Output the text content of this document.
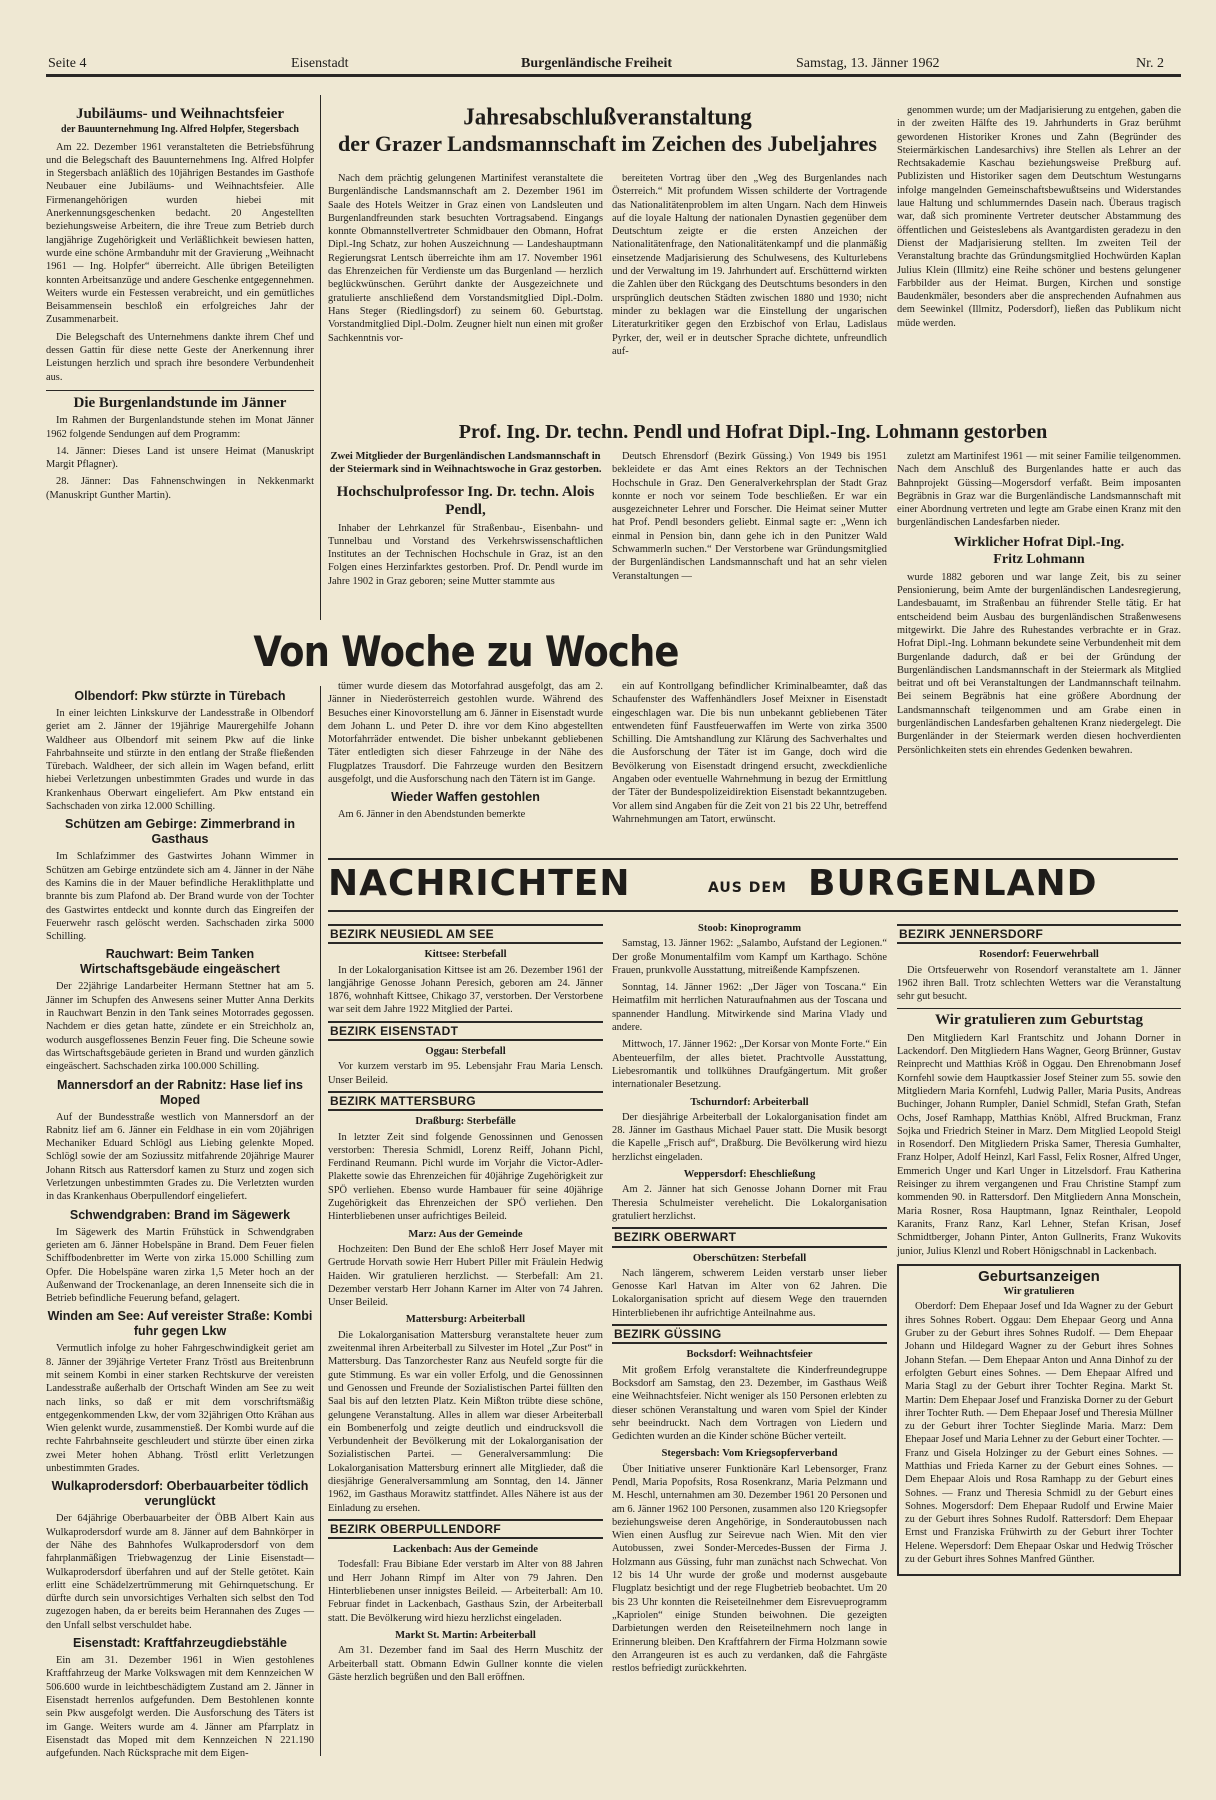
Seite 4	Eisenstadt	Burgenländische Freiheit	Samstag, 13. Jänner 1962	Nr. 2
Jubiläums- und Weihnachtsfeier
der Bauunternehmung Ing. Alfred Holpfer, Stegersbach

Am 22. Dezember 1961 veranstalteten die Betriebsführung und die Belegschaft des Bauunternehmens Ing. Alfred Holpfer in Stegersbach anläßlich des 10jährigen Bestandes im Gasthofe Neubauer eine Jubiläums- und Weihnachtsfeier. Alle Firmenangehörigen wurden hiebei mit Anerkennungsgeschenken bedacht. 20 Angestellten beziehungsweise Arbeitern, die ihre Treue zum Betrieb durch langjährige Zugehörigkeit und Verläßlichkeit bewiesen hatten, wurde eine schöne Armbanduhr mit der Gravierung „Weihnacht 1961 — Ing. Holpfer“ überreicht. Alle übrigen Beteiligten konnten Arbeitsanzüge und andere Geschenke entgegennehmen. Weiters wurde ein Festessen verabreicht, und ein gemütliches Beisammensein beschloß ein erfolgreiches Jahr der Zusammenarbeit.

Die Belegschaft des Unternehmens dankte ihrem Chef und dessen Gattin für diese nette Geste der Anerkennung ihrer Leistungen herzlich und sprach ihre besondere Verbundenheit aus.

Die Burgenlandstunde im Jänner

Im Rahmen der Burgenlandstunde stehen im Monat Jänner 1962 folgende Sendungen auf dem Programm:

14. Jänner: Dieses Land ist unsere Heimat (Manuskript Margit Pflagner).

28. Jänner: Das Fahnenschwingen in Nekkenmarkt (Manuskript Gunther Martin).

Jahresabschlußveranstaltung
der Grazer Landsmannschaft im Zeichen des Jubeljahres

Nach dem prächtig gelungenen Martinifest veranstaltete die Burgenländische Landsmannschaft am 2. Dezember 1961 im Saale des Hotels Weitzer in Graz einen von Landsleuten und Burgenlandfreunden stark besuchten Vortragsabend. Eingangs konnte Obmannstellvertreter Schmidbauer den Obmann, Hofrat Dipl.-Ing Schatz, zur hohen Auszeichnung — Landeshauptmann Regierungsrat Lentsch überreichte ihm am 17. November 1961 das Ehrenzeichen für Verdienste um das Burgenland — herzlich beglückwünschen. Gerührt dankte der Ausgezeichnete und gratulierte anschließend dem Vorstandsmitglied Dipl.-Dolm. Hans Steger (Riedlingsdorf) zu seinem 60. Geburtstag. Vorstandmitglied Dipl.-Dolm. Zeugner hielt nun einen mit großer Sachkenntnis vor-

bereiteten Vortrag über den „Weg des Burgenlandes nach Österreich.“ Mit profundem Wissen schilderte der Vortragende das Nationalitätenproblem im alten Ungarn. Nach dem Hinweis auf die loyale Haltung der nationalen Dynastien gegenüber dem Deutschtum zeigte er die ersten Anzeichen der Nationalitätenfrage, den Nationalitätenkampf und die planmäßig einsetzende Madjarisierung des Schulwesens, des Kulturlebens und der Verwaltung im 19. Jahrhundert auf. Erschütternd wirkten die Zahlen über den Rückgang des Deutschtums besonders in den ursprünglich deutschen Städten zwischen 1880 und 1930; nicht minder zu beklagen war die Einstellung der ungarischen Literaturkritiker gegen den Erzbischof von Erlau, Ladislaus Pyrker, der, weil er in deutscher Sprache dichtete, unfreundlich auf-

genommen wurde; um der Madjarisierung zu entgehen, gaben die in der zweiten Hälfte des 19. Jahrhunderts in Graz berühmt gewordenen Historiker Krones und Zahn (Begründer des Steiermärkischen Landesarchivs) ihre Stellen als Lehrer an der Rechtsakademie Kaschau beziehungsweise Preßburg auf. Publizisten und Historiker sagen dem Deutschtum Westungarns infolge mangelnden Gemeinschaftsbewußtseins und Widerstandes laue Haltung und schlummerndes Dasein nach. Überaus tragisch war, daß sich prominente Vertreter deutscher Abstammung des öffentlichen und Geisteslebens als Avantgardisten geradezu in den Dienst der Madjarisierung stellten. Im zweiten Teil der Veranstaltung brachte das Gründungsmitglied Hochwürden Kaplan Julius Klein (Illmitz) eine Reihe schöner und bestens gelungener Farbbilder aus der Heimat. Burgen, Kirchen und sonstige Baudenkmäler, besonders aber die ansprechenden Aufnahmen aus dem Seewinkel (Illmitz, Podersdorf), ließen das Publikum nicht müde werden.

Prof. Ing. Dr. techn. Pendl und Hofrat Dipl.-Ing. Lohmann gestorben
Zwei Mitglieder der Burgenländischen Landsmannschaft in der Steiermark sind in Weihnachtswoche in Graz gestorben.
Hochschulprofessor Ing. Dr. techn. Alois Pendl,

Inhaber der Lehrkanzel für Straßenbau-, Eisenbahn- und Tunnelbau und Vorstand des Verkehrswissenschaftlichen Institutes an der Technischen Hochschule in Graz, ist an den Folgen eines Herzinfarktes gestorben. Prof. Dr. Pendl wurde im Jahre 1902 in Graz geboren; seine Mutter stammte aus

Deutsch Ehrensdorf (Bezirk Güssing.) Von 1949 bis 1951 bekleidete er das Amt eines Rektors an der Technischen Hochschule in Graz. Den Generalverkehrsplan der Stadt Graz konnte er noch vor seinem Tode beschließen. Er war ein ausgezeichneter Lehrer und Forscher. Die Heimat seiner Mutter hat Prof. Pendl besonders geliebt. Einmal sagte er: „Wenn ich einmal in Pension bin, dann gehe ich in den Punitzer Wald Schwammerln suchen.“ Der Verstorbene war Gründungsmitglied der Burgenländischen Landsmannschaft und hat an sehr vielen Veranstaltungen —

zuletzt am Martinifest 1961 — mit seiner Familie teilgenommen. Nach dem Anschluß des Burgenlandes hatte er auch das Bahnprojekt Güssing—Mogersdorf verfaßt. Beim imposanten Begräbnis in Graz war die Burgenländische Landsmannschaft mit einer Abordnung vertreten und legte am Grabe einen Kranz mit den burgenländischen Landesfarben nieder.

Wirklicher Hofrat Dipl.-Ing.
Fritz Lohmann

wurde 1882 geboren und war lange Zeit, bis zu seiner Pensionierung, beim Amte der burgenländischen Landesregierung, Landesbauamt, im Straßenbau an führender Stelle tätig. Er hat entscheidend beim Ausbau des burgenländischen Straßenwesens mitgewirkt. Die Jahre des Ruhestandes verbrachte er in Graz. Hofrat Dipl.-Ing. Lohmann bekundete seine Verbundenheit mit dem Burgenlande dadurch, daß er bei der Gründung der Burgenländischen Landsmannschaft in der Steiermark als Mitglied beitrat und oft bei Veranstaltungen der Landmannschaft teilnahm. Bei seinem Begräbnis hat eine größere Abordnung der Landsmannschaft teilgenommen und am Grabe einen in burgenländischen Landesfarben gehaltenen Kranz niedergelegt. Die Burgenländer in der Steiermark werden diesen hochverdienten Persönlichkeiten stets ein ehrendes Gedenken bewahren.

Von Woche zu Woche
Olbendorf: Pkw stürzte in Türebach

In einer leichten Linkskurve der Landesstraße in Olbendorf geriet am 2. Jänner der 19jährige Maurergehilfe Johann Waldheer aus Olbendorf mit seinem Pkw auf die linke Fahrbahnseite und stürzte in den entlang der Straße fließenden Türebach. Waldheer, der sich allein im Wagen befand, erlitt hiebei Verletzungen unbestimmten Grades und wurde in das Krankenhaus Oberwart eingeliefert. Am Pkw entstand ein Sachschaden von zirka 12.000 Schilling.

Schützen am Gebirge: Zimmerbrand in Gasthaus

Im Schlafzimmer des Gastwirtes Johann Wimmer in Schützen am Gebirge entzündete sich am 4. Jänner in der Nähe des Kamins die in der Mauer befindliche Heraklithplatte und brannte bis zum Plafond ab. Der Brand wurde von der Tochter des Gastwirtes entdeckt und konnte durch das Eingreifen der Feuerwehr rasch gelöscht werden. Sachschaden zirka 5000 Schilling.

Rauchwart: Beim Tanken Wirtschaftsgebäude eingeäschert

Der 22jährige Landarbeiter Hermann Stettner hat am 5. Jänner im Schupfen des Anwesens seiner Mutter Anna Derkits in Rauchwart Benzin in den Tank seines Motorrades gegossen. Nachdem er dies getan hatte, zündete er ein Streichholz an, wodurch ausgeflossenes Benzin Feuer fing. Die Scheune sowie das Wirtschaftsgebäude gerieten in Brand und wurden gänzlich eingeäschert. Sachschaden zirka 100.000 Schilling.

Mannersdorf an der Rabnitz: Hase lief ins Moped

Auf der Bundesstraße westlich von Mannersdorf an der Rabnitz lief am 6. Jänner ein Feldhase in ein vom 20jährigen Mechaniker Eduard Schlögl aus Liebing gelenkte Moped. Schlögl sowie der am Soziussitz mitfahrende 20jährige Maurer Johann Ritsch aus Rattersdorf kamen zu Sturz und zogen sich Verletzungen unbestimmten Grades zu. Die Verletzten wurden in das Krankenhaus Oberpullendorf eingeliefert.

Schwendgraben: Brand im Sägewerk

Im Sägewerk des Martin Frühstück in Schwendgraben gerieten am 6. Jänner Hobelspäne in Brand. Dem Feuer fielen Schiffbodenbretter im Werte von zirka 15.000 Schilling zum Opfer. Die Hobelspäne waren zirka 1,5 Meter hoch an der Außenwand der Trockenanlage, an deren Innenseite sich die in Betrieb befindliche Feuerung befand, gelagert.

Winden am See: Auf vereister Straße: Kombi fuhr gegen Lkw

Vermutlich infolge zu hoher Fahrgeschwindigkeit geriet am 8. Jänner der 39jährige Verteter Franz Tröstl aus Breitenbrunn mit seinem Kombi in einer starken Rechtskurve der vereisten Landesstraße außerhalb der Ortschaft Winden am See zu weit nach links, so daß er mit dem vorschriftsmäßig entgegenkommenden Lkw, der vom 32jährigen Otto Krähan aus Wien gelenkt wurde, zusammenstieß. Der Kombi wurde auf die rechte Fahrbahnseite geschleudert und stürzte über einen zirka zwei Meter hohen Abhang. Tröstl erlitt Verletzungen unbestimmten Grades.

Wulkaprodersdorf: Oberbauarbeiter tödlich verunglückt

Der 64jährige Oberbauarbeiter der ÖBB Albert Kain aus Wulkaprodersdorf wurde am 8. Jänner auf dem Bahnkörper in der Nähe des Bahnhofes Wulkaprodersdorf von dem fahrplanmäßigen Triebwagenzug der Linie Eisenstadt—Wulkaprodersdorf überfahren und auf der Stelle getötet. Kain erlitt eine Schädelzertrümmerung mit Gehirnquetschung. Er dürfte durch sein unvorsichtiges Verhalten sich selbst den Tod zugezogen haben, da er bereits beim Herannahen des Zuges — den Unfall selbst verschuldet habe.

Eisenstadt: Kraftfahrzeugdiebstähle

Ein am 31. Dezember 1961 in Wien gestohlenes Kraftfahrzeug der Marke Volkswagen mit dem Kennzeichen W 506.600 wurde in leichtbeschädigtem Zustand am 2. Jänner in Eisenstadt herrenlos aufgefunden. Dem Bestohlenen konnte sein Pkw ausgefolgt werden. Die Ausforschung des Täters ist im Gange. Weiters wurde am 4. Jänner am Pfarrplatz in Eisenstadt das Moped mit dem Kennzeichen N 221.190 aufgefunden. Nach Rücksprache mit dem Eigen-

tümer wurde diesem das Motorfahrad ausgefolgt, das am 2. Jänner in Niederösterreich gestohlen wurde. Während des Besuches einer Kinovorstellung am 6. Jänner in Eisenstadt wurde dem Johann L. und Peter D. ihre vor dem Kino abgestellten Motorfahrräder entwendet. Die bisher unbekannt gebliebenen Täter entledigten sich dieser Fahrzeuge in der Nähe des Flugplatzes Trausdorf. Die Fahrzeuge wurden den Besitzern ausgefolgt, und die Ausforschung nach den Tätern ist im Gange.

Wieder Waffen gestohlen

Am 6. Jänner in den Abendstunden bemerkte

ein auf Kontrollgang befindlicher Kriminalbeamter, daß das Schaufenster des Waffenhändlers Josef Meixner in Eisenstadt eingeschlagen war. Die bis nun unbekannt gebliebenen Täter entwendeten fünf Faustfeuerwaffen im Werte von zirka 3500 Schilling. Die Amtshandlung zur Klärung des Sachverhaltes und die Ausforschung der Täter ist im Gange, doch wird die Bevölkerung von Eisenstadt dringend ersucht, zweckdienliche Angaben oder eventuelle Wahrnehmung in bezug der Ermittlung der Täter der Bundespolizeidirektion Eisenstadt bekanntzugeben. Vor allem sind Angaben für die Zeit von 21 bis 22 Uhr, betreffend Wahrnehmungen am Tatort, erwünscht.

NACHRICHTEN	AUS DEM BURGENLAND
BEZIRK NEUSIEDL AM SEE
Kittsee: Sterbefall

In der Lokalorganisation Kittsee ist am 26. Dezember 1961 der langjährige Genosse Johann Peresich, geboren am 24. Jänner 1876, wohnhaft Kittsee, Chikago 37, verstorben. Der Verstorbene war seit dem Jahre 1922 Mitglied der Partei.

BEZIRK EISENSTADT
Oggau: Sterbefall

Vor kurzem verstarb im 95. Lebensjahr Frau Maria Lensch. Unser Beileid.

BEZIRK MATTERSBURG
Draßburg: Sterbefälle

In letzter Zeit sind folgende Genossinnen und Genossen verstorben: Theresia Schmidl, Lorenz Reiff, Johann Pichl, Ferdinand Reumann. Pichl wurde im Vorjahr die Victor-Adler-Plakette sowie das Ehrenzeichen für 40jährige Zugehörigkeit zur SPÖ verliehen. Ebenso wurde Hambauer für seine 40jährige Zugehörigkeit das Ehrenzeichen der SPÖ verliehen. Den Hinterbliebenen unser aufrichtiges Beileid.

Marz: Aus der Gemeinde

Hochzeiten: Den Bund der Ehe schloß Herr Josef Mayer mit Gertrude Horvath sowie Herr Hubert Piller mit Fräulein Hedwig Haiden. Wir gratulieren herzlichst. — Sterbefall: Am 21. Dezember verstarb Herr Johann Karner im Alter von 74 Jahren. Unser Beileid.

Mattersburg: Arbeiterball

Die Lokalorganisation Mattersburg veranstaltete heuer zum zweitenmal ihren Arbeiterball zu Silvester im Hotel „Zur Post“ in Mattersburg. Das Tanzorchester Ranz aus Neufeld sorgte für die gute Stimmung. Es war ein voller Erfolg, und die Genossinnen und Genossen und Freunde der Sozialistischen Partei füllten den Saal bis auf den letzten Platz. Kein Mißton trübte diese schöne, gelungene Veranstaltung. Alles in allem war dieser Arbeiterball ein Bombenerfolg und zeigte deutlich und eindrucksvoll die Verbundenheit der Bevölkerung mit der Lokalorganisation der Sozialistischen Partei. — Generalversammlung: Die Lokalorganisation Mattersburg erinnert alle Mitglieder, daß die diesjährige Generalversammlung am Sonntag, den 14. Jänner 1962, im Gasthaus Morawitz stattfindet. Alles Nähere ist aus der Einladung zu ersehen.

BEZIRK OBERPULLENDORF
Lackenbach: Aus der Gemeinde

Todesfall: Frau Bibiane Eder verstarb im Alter von 88 Jahren und Herr Johann Rimpf im Alter von 79 Jahren. Den Hinterbliebenen unser innigstes Beileid. — Arbeiterball: Am 10. Februar findet in Lackenbach, Gasthaus Szin, der Arbeiterball statt. Die Bevölkerung wird hiezu herzlichst eingeladen.

Markt St. Martin: Arbeiterball

Am 31. Dezember fand im Saal des Herrn Muschitz der Arbeiterball statt. Obmann Edwin Gullner konnte die vielen Gäste herzlich begrüßen und den Ball eröffnen.

Stoob: Kinoprogramm

Samstag, 13. Jänner 1962: „Salambo, Aufstand der Legionen.“ Der große Monumentalfilm vom Kampf um Karthago. Schöne Frauen, prunkvolle Ausstattung, mitreißende Kampfszenen.

Sonntag, 14. Jänner 1962: „Der Jäger von Toscana.“ Ein Heimatfilm mit herrlichen Naturaufnahmen aus der Toscana und spannender Handlung. Mitwirkende sind Marina Vlady und andere.

Mittwoch, 17. Jänner 1962: „Der Korsar von Monte Forte.“ Ein Abenteuerfilm, der alles bietet. Prachtvolle Ausstattung, Liebesromantik und tollkühnes Draufgängertum. Mit großer internationaler Besetzung.

Tschurndorf: Arbeiterball

Der diesjährige Arbeiterball der Lokalorganisation findet am 28. Jänner im Gasthaus Michael Pauer statt. Die Musik besorgt die Kapelle „Frisch auf“, Draßburg. Die Bevölkerung wird hiezu herzlichst eingeladen.

Weppersdorf: Eheschließung

Am 2. Jänner hat sich Genosse Johann Dorner mit Frau Theresia Schulmeister verehelicht. Die Lokalorganisation gratuliert herzlichst.

BEZIRK OBERWART
Oberschützen: Sterbefall

Nach längerem, schwerem Leiden verstarb unser lieber Genosse Karl Hatvan im Alter von 62 Jahren. Die Lokalorganisation spricht auf diesem Wege den trauernden Hinterbliebenen ihr aufrichtige Anteilnahme aus.

BEZIRK GÜSSING
Bocksdorf: Weihnachtsfeier

Mit großem Erfolg veranstaltete die Kinderfreundegruppe Bocksdorf am Samstag, den 23. Dezember, im Gasthaus Weiß eine Weihnachtsfeier. Nicht weniger als 150 Personen erlebten zu dieser schönen Veranstaltung und waren vom Spiel der Kinder sehr beeindruckt. Nach dem Vortragen von Liedern und Gedichten wurden an die Kinder schöne Bücher verteilt.

Stegersbach: Vom Kriegsopferverband

Über Initiative unserer Funktionäre Karl Lebensorger, Franz Pendl, Maria Popofsits, Rosa Rosenkranz, Maria Pelzmann und M. Heschl, unternahmen am 30. Dezember 1961 20 Personen und am 6. Jänner 1962 100 Personen, zusammen also 120 Kriegsopfer beziehungsweise deren Angehörige, in Sonderautobussen nach Wien einen Ausflug zur Seirevue nach Wien. Mit den vier Autobussen, zwei Sonder-Mercedes-Bussen der Firma J. Holzmann aus Güssing, fuhr man zunächst nach Schwechat. Von 12 bis 14 Uhr wurde der große und modernst ausgebaute Flugplatz besichtigt und der rege Flugbetrieb beobachtet. Um 20 bis 23 Uhr konnten die Reiseteilnehmer dem Eisrevueprogramm „Kapriolen“ einige Stunden beiwohnen. Die gezeigten Darbietungen werden den Reiseteilnehmern noch lange in Erinnerung bleiben. Den Kraftfahrern der Firma Holzmann sowie den Arrangeuren ist es auch zu verdanken, daß die Fahrgäste restlos befriedigt zurückkehrten.

BEZIRK JENNERSDORF
Rosendorf: Feuerwehrball

Die Ortsfeuerwehr von Rosendorf veranstaltete am 1. Jänner 1962 ihren Ball. Trotz schlechten Wetters war die Veranstaltung sehr gut besucht.

Wir gratulieren zum Geburtstag

Den Mitgliedern Karl Frantschitz und Johann Dorner in Lackendorf. Den Mitgliedern Hans Wagner, Georg Brünner, Gustav Reinprecht und Matthias Kröß in Oggau. Den Ehrenobmann Josef Kornfehl sowie dem Hauptkassier Josef Steiner zum 55. sowie den Mitgliedern Maria Kornfehl, Ludwig Paller, Maria Pusits, Andreas Buchinger, Johann Rumpler, Daniel Schmidl, Stefan Grath, Stefan Ochs, Josef Ramhapp, Matthias Knöbl, Alfred Bruckman, Franz Sojka und Friedrich Steiner in Marz. Dem Mitglied Leopold Steigl in Rosendorf. Den Mitgliedern Priska Samer, Theresia Gumhalter, Franz Holper, Adolf Heinzl, Karl Fassl, Felix Rosner, Alfred Unger, Emmerich Unger und Karl Unger in Litzelsdorf. Frau Katherina Reisinger zu ihrem vergangenen und Frau Christine Stampf zum kommenden 90. in Rattersdorf. Den Mitgliedern Anna Monschein, Maria Rosner, Rosa Hauptmann, Ignaz Reinthaler, Leopold Karanits, Franz Ranz, Karl Lehner, Stefan Krisan, Josef Schmidtberger, Johann Pinter, Anton Gullnerits, Franz Wukovits junior, Julius Klenzl und Robert Hönigschnabl in Lackenbach.

Geburtsanzeigen
Wir gratulieren

Oberdorf: Dem Ehepaar Josef und Ida Wagner zu der Geburt ihres Sohnes Robert. Oggau: Dem Ehepaar Georg und Anna Gruber zu der Geburt ihres Sohnes Rudolf. — Dem Ehepaar Johann und Hildegard Wagner zu der Geburt ihres Sohnes Johann Stefan. — Dem Ehepaar Anton und Anna Dinhof zu der erfolgten Geburt eines Sohnes. — Dem Ehepaar Alfred und Maria Stagl zu der Geburt ihrer Tochter Regina. Markt St. Martin: Dem Ehepaar Josef und Franziska Dorner zu der Geburt ihrer Tochter Ruth. — Dem Ehepaar Josef und Theresia Müllner zu der Geburt ihrer Tochter Sieglinde Maria. Marz: Dem Ehepaar Josef und Maria Lehner zu der Geburt einer Tochter. — Franz und Gisela Holzinger zu der Geburt eines Sohnes. — Matthias und Frieda Karner zu der Geburt eines Sohnes. — Dem Ehepaar Alois und Rosa Ramhapp zu der Geburt eines Sohnes. — Franz und Theresia Schmidl zu der Geburt eines Sohnes. Mogersdorf: Dem Ehepaar Rudolf und Erwine Maier zu der Geburt ihres Sohnes Rudolf. Rattersdorf: Dem Ehepaar Ernst und Franziska Frühwirth zu der Geburt ihrer Tochter Helene. Wepersdorf: Dem Ehepaar Oskar und Hedwig Tröscher zu der Geburt ihres Sohnes Manfred Günther.
